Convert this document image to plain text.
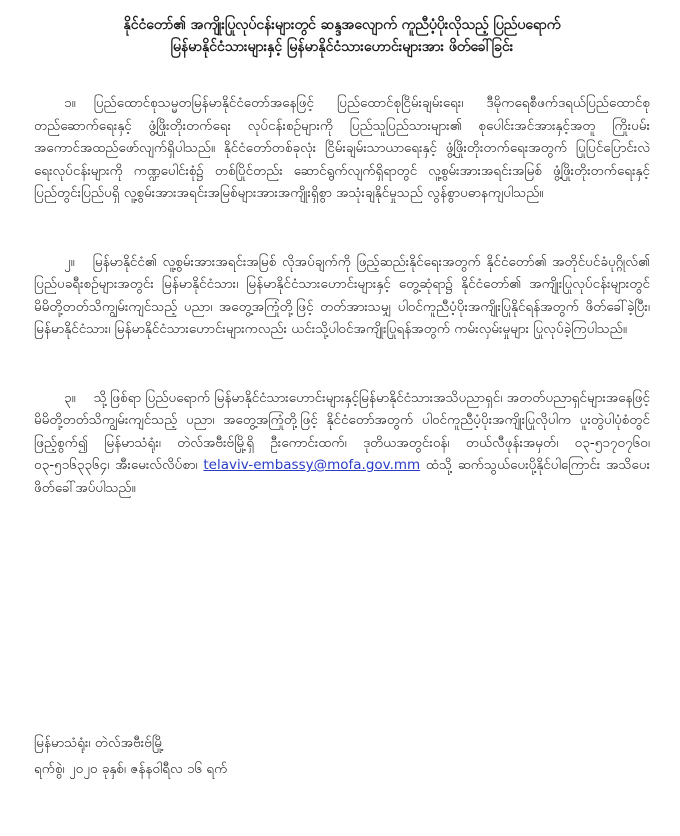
နိုင်ငံတော်၏ အကျိုးပြုလုပ်ငန်းများတွင် ဆန္ဒအလျောက် ကူညီပံ့ပိုးလိုသည့် ပြည်ပရောက်
မြန်မာနိုင်ငံသားများနှင့် မြန်မာနိုင်ငံသားဟောင်းများအား ဖိတ်ခေါ်ခြင်း

၁။ ပြည်ထောင်စုသမ္မတမြန်မာနိုင်ငံတော်အနေဖြင့် ပြည်ထောင်စုငြိမ်းချမ်းရေး၊ ဒီမိုကရေစီဖက်ဒရယ်ပြည်ထောင်စု တည်ဆောက်ရေးနှင့် ဖွံ့ဖြိုးတိုးတက်ရေး လုပ်ငန်းစဉ်များကို ပြည်သူပြည်သားများ၏ စုပေါင်းအင်အားနှင့်အတူ ကြိုးပမ်းအကောင်အထည်ဖော်လျက်ရှိပါသည်။ နိုင်ငံတော်တစ်ခုလုံး ငြိမ်းချမ်းသာယာရေးနှင့် ဖွံ့ဖြိုးတိုးတက်ရေးအတွက် ပြုပြင်ပြောင်းလဲရေးလုပ်ငန်းများကို ကဏ္ဍပေါင်းစုံ၌ တစ်ပြိုင်တည်း ဆောင်ရွက်လျက်ရှိရာတွင် လူ့စွမ်းအားအရင်းအမြစ် ဖွံ့ဖြိုးတိုးတက်ရေးနှင့် ပြည်တွင်းပြည်ပရှိ လူ့စွမ်းအားအရင်းအမြစ်များအားအကျိုးရှိစွာ အသုံးချနိုင်မှုသည် လွန်စွာပဓာနကျပါသည်။

၂။ မြန်မာနိုင်ငံ၏ လူ့စွမ်းအားအရင်းအမြစ် လိုအပ်ချက်ကို ဖြည့်ဆည်းနိုင်ရေးအတွက် နိုင်ငံတော်၏ အတိုင်ပင်ခံပုဂ္ဂိုလ်၏ ပြည်ပခရီးစဉ်များအတွင်း မြန်မာနိုင်ငံသား၊ မြန်မာနိုင်ငံသားဟောင်းများနှင့် တွေ့ဆုံရာ၌ နိုင်ငံတော်၏ အကျိုးပြုလုပ်ငန်းများတွင် မိမိတို့တတ်သိကျွမ်းကျင်သည့် ပညာ၊ အတွေ့အကြုံတို့ဖြင့် တတ်အားသမျှ ပါဝင်ကူညီပံ့ပိုးအကျိုးပြုနိုင်ရန်အတွက် ဖိတ်ခေါ်ခဲ့ပြီး၊ မြန်မာနိုင်ငံသား၊ မြန်မာနိုင်ငံသားဟောင်းများကလည်း ယင်းသို့ပါဝင်အကျိုးပြုရန်အတွက် ကမ်းလှမ်းမှုများ ပြုလုပ်ခဲ့ကြပါသည်။

၃။ သို့ဖြစ်ရာ ပြည်ပရောက် မြန်မာနိုင်ငံသားဟောင်းများနှင့်မြန်မာနိုင်ငံသားအသိပညာရှင်၊ အတတ်ပညာရှင်များအနေဖြင့် မိမိတို့တတ်သိကျွမ်းကျင်သည့် ပညာ၊ အတွေ့အကြုံတို့ဖြင့် နိုင်ငံတော်အတွက် ပါဝင်ကူညီပံ့ပိုးအကျိုးပြုလိုပါက ပူးတွဲပါပုံစံတွင် ဖြည့်စွက်၍ မြန်မာသံရုံး၊ တဲလ်အဗီးဗ်မြို့ရှိ ဦးကောင်းထက်၊ ဒုတိယအတွင်းဝန်၊ တယ်လီဖုန်းအမှတ်၊ ၀၃-၅၁၇၀၇၆၀၊ ၀၃-၅၁၆၃၃၆၄၊ အီးမေးလ်လိပ်စာ၊ telaviv-embassy@mofa.gov.mm ထံသို့ ဆက်သွယ်ပေးပို့နိုင်ပါကြောင်း အသိပေးဖိတ်ခေါ်အပ်ပါသည်။

မြန်မာသံရုံး၊ တဲလ်အဗီးဗ်မြို့
ရက်စွဲ၊ ၂၀၂၀ ခုနှစ်၊ ဇန်နဝါရီလ ၁၆ ရက်
